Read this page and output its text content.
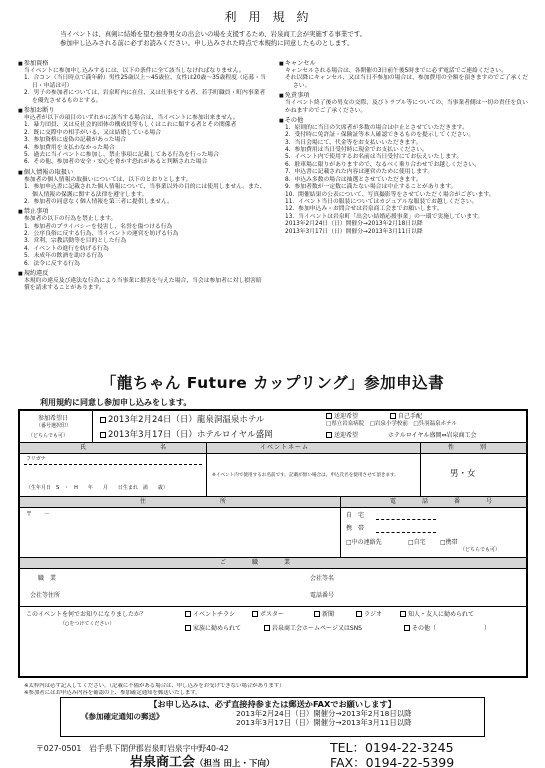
利用規約

当イベントは、真剣に結婚を望む独身男女の出会いの場を支援するため、岩泉商工会が実施する事業です。

参加申し込みされる前に必ずお読みください。申し込みされた時点で本規約に同意したものとします。

■ 参加資格
当イベントに参加申し込みするには、以下の条件に全て該当しなければなりません。
1．合コン（当日時点で満年齢）男性25歳以上～45歳位、女性は20歳～35歳程度（応募・当日・申請は可）
2．男子の参加者については、岩泉町内に在住、又は仕事をする者、若手町職員・町内事業者を優先させるものとする。
■ 参加お断り
申込者が以下の項目のいずれかに該当する場合は、当イベントに参加出来ません。
1．暴力団員、又は反社会的団体の構成員等もしくはこれに類する者とその関係者
2．既に交際中の相手がいる、又は結婚している場合
3．参加資格に虚偽の記載があった場合
4．参加費用を支払わなかった場合
5．過去に当イベントに参加し、禁止事項に記載してある行為を行った場合
6．その他、参加者の安全・安心を脅かす恐れがあると判断された場合
■ 個人情報の取扱い
参加者の個人情報の取扱いについては、以下のとおりとします。
1．参加申込書に記載された個人情報について、当事業以外の目的には使用しません。また、個人情報の保護に関する法律を遵守します。
2．参加者の同意なく個人情報を第三者に提供しません。
■ 禁止事項
参加者の以下の行為を禁止します。
1．参加者のプライバシーを侵害し、名誉を傷つける行為
2．公序良俗に反する行為、当イベントの運営を妨げる行為
3．営利、宗教活動等を目的とした行為
4．イベントの進行を妨げる行為
5．未成年の飲酒を助ける行為
6．法令に反する行為
■ 規約違反
本規約の違反及び違法な行為により当事業に損害を与えた場合、当会は参加者に対し損害賠償を請求することがあります。
■ キャンセル
キャンセルされる場合は、各開催の3日前午後5時までに必ず電話でご連絡ください。
それ以降にキャンセル、又は当日不参加の場合は、参加費用の全額を頂きますのでご了承ください。
■ 免責事項
当イベント終了後の男女の交際、及びトラブル等についての、当事業者側は一切の責任を負いかねますのでご了承ください。
■ その他
1．原則的に当日の欠席者が多数の場合は中止とさせていただきます。
2．受付時に免許証・保険証等本人確認できるものを提示してください。
3．当日会場にて、代金等をお支払いいただきます。
4．参加費用は当日受付時に現金でお支払いください。
5．イベント内で使用するお名前は当日受付にてお伝えいたします。
6．駐車場に限りがありますので、なるべく乗り合わせでお越しください。
7．申込書に記載された内容は運営のために使用します。
8．申込み多数の場合は抽選とさせていただきます。
9．参加者数が一定数に満たない場合は中止することがあります。
10．開催結果の公表について、写真撮影等をさせていただく場合がございます。
11．イベント当日の服装についてはカジュアルな服装でお越しください。
12．参加申込み・お問合せは岩泉商工会までお願いします。
13．当イベントは岩泉町「出会い結婚応援事業」の一環で実施しています。
2013年2月24日（日）開催分→2013年2月18日以降
2013年3月17日（日）開催分→2013年3月11日以降
「龍ちゃん Future カップリング」参加申込書
利用規約に同意し参加申し込みをします。
参加希望日
（番号選択印）
（どちらでも可）
2013年2月24日（日）龍泉洞温泉ホテル
2013年3月17日（日）ホテルロイヤル盛岡
送迎希望	自己手配
□県立岩泉病院　□岩泉小学校前　□呉羽温泉ホテル
送迎希望	ホテルロイヤル盛岡⇔岩泉商工会
氏　　　　名	イベントネーム	性　別
フリガナ
（生年月日　S　・　H　　年　　月　　日生まれ　満　　歳）
※イベント内で使用するお名前です。記載が無い場合は、申込氏名を使用させて頂きます。	男・女
住　　　　所	電　話　番　号
〒　　－	自　宅
携　帯
□中の連絡先	□自宅 □携帯
（どちらでも可）
ご　職　業
職　業	会社等名
会社等住所	電話番号
このイベントを何でお知りになりましたか？
（○をつけてください）
イベントチラシ	ポスター	新聞	ラジオ	知人・友人に勧められて
家族に勧められて	岩泉商工会ホームページ又はSNS	その他（　　　　　　　　）
※太枠内は必ず記入してください。（記載に不備がある場合は、申し込みをお受けできない場合があります）
※参加者にはお申込み内容を確認の上、参加確定通知を郵送いたします。
【お申し込みは、必ず直接持参または郵送かFAXでお願いします】
《参加確定通知の郵送》	2013年2月24日（日）開催分→2013年2月18日以降
2013年3月17日（日）開催分→2013年3月11日以降
〒027-0501　岩手県下閉伊郡岩泉町岩泉字中野40-42
岩泉商工会（担当 田上・下向）
TEL：0194-22-3245
FAX：0194-22-5399
